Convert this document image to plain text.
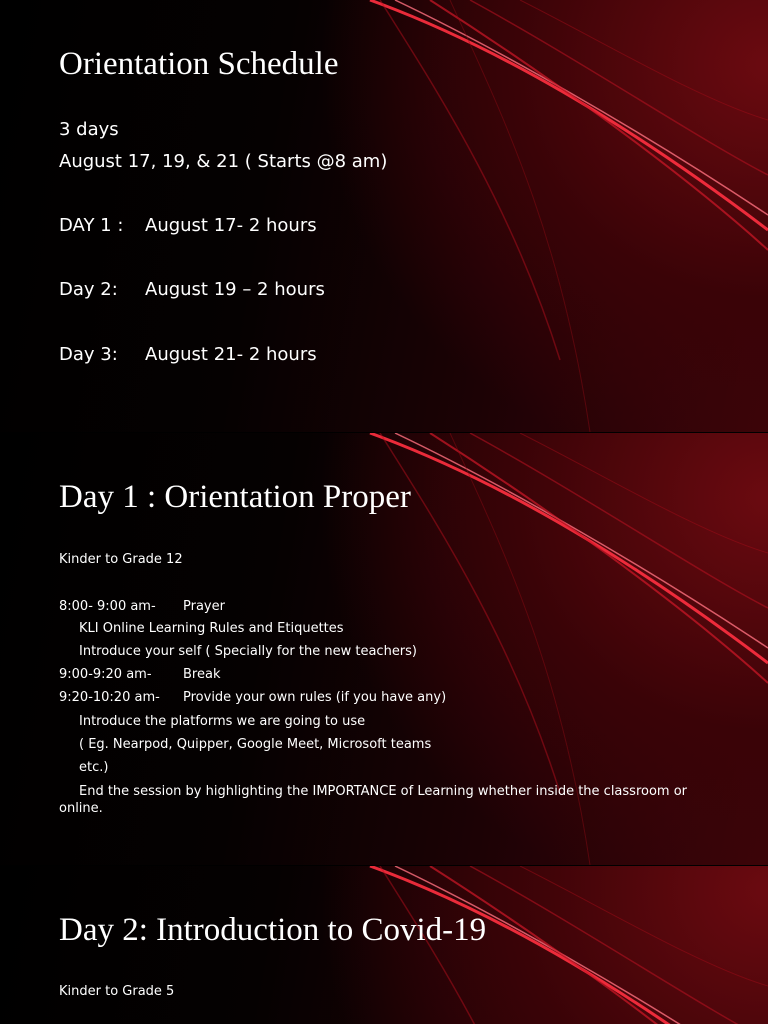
Orientation Schedule

3 days

August 17, 19, & 21 ( Starts @8 am)

DAY 1 : August 17- 2 hours

Day 2: August 19 – 2 hours

Day 3: August 21- 2 hours

Day 1 : Orientation Proper

Kinder to Grade 12

8:00- 9:00 am- Prayer

KLI Online Learning Rules and Etiquettes

Introduce your self ( Specially for the new teachers)

9:00-9:20 am- Break

9:20-10:20 am- Provide your own rules (if you have any)

Introduce the platforms we are going to use

( Eg. Nearpod, Quipper, Google Meet, Microsoft teams

etc.)

End the session by highlighting the IMPORTANCE of Learning whether inside the classroom or

online.

Day 2: Introduction to Covid-19

Kinder to Grade 5
